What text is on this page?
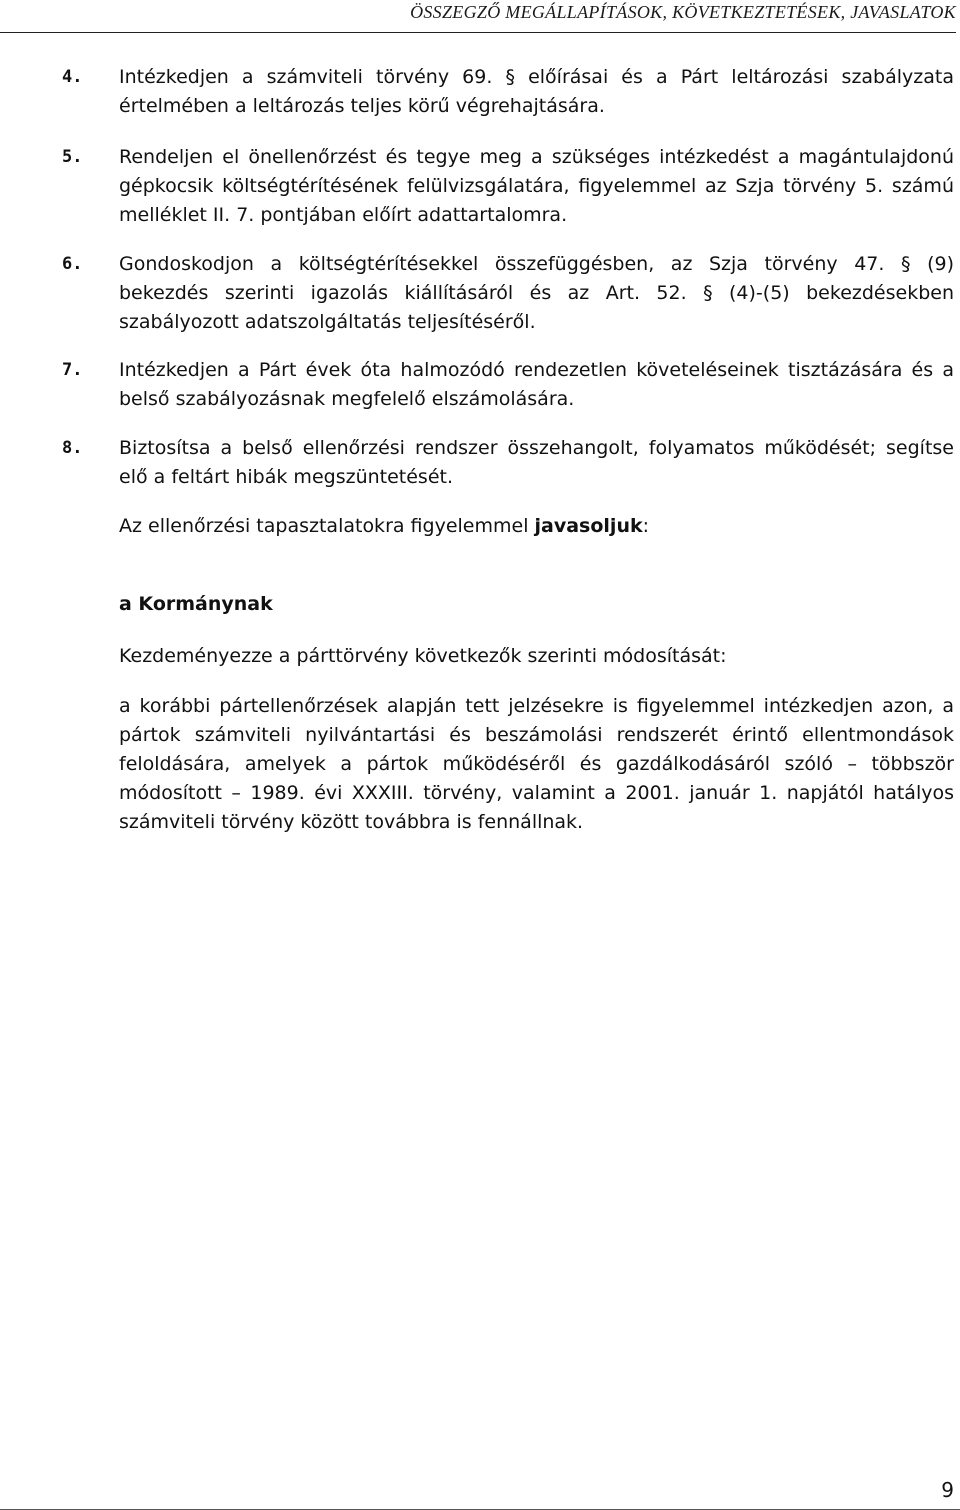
ÖSSZEGZŐ MEGÁLLAPÍTÁSOK, KÖVETKEZTETÉSEK, JAVASLATOK
4.	Intézkedjen a számviteli törvény 69. § előírásai és a Párt leltározási szabályzata értelmében a leltározás teljes körű végrehajtására.
5.	Rendeljen el önellenőrzést és tegye meg a szükséges intézkedést a magántulajdonú gépkocsik költségtérítésének felülvizsgálatára, figyelemmel az Szja törvény 5. számú melléklet II. 7. pontjában előírt adattartalomra.
6.	Gondoskodjon a költségtérítésekkel összefüggésben, az Szja törvény 47. § (9) bekezdés szerinti igazolás kiállításáról és az Art. 52. § (4)-(5) bekezdésekben szabályozott adatszolgáltatás teljesítéséről.
7.	Intézkedjen a Párt évek óta halmozódó rendezetlen követeléseinek tisztázására és a belső szabályozásnak megfelelő elszámolására.
8.	Biztosítsa a belső ellenőrzési rendszer összehangolt, folyamatos működését; segítse elő a feltárt hibák megszüntetését.
Az ellenőrzési tapasztalatokra figyelemmel javasoljuk:
a Kormánynak
Kezdeményezze a párttörvény következők szerinti módosítását:
a korábbi pártellenőrzések alapján tett jelzésekre is figyelemmel intézkedjen azon, a pártok számviteli nyilvántartási és beszámolási rendszerét érintő ellentmondások feloldására, amelyek a pártok működéséről és gazdálkodásáról szóló – többször módosított – 1989. évi XXXIII. törvény, valamint a 2001. január 1. napjától hatályos számviteli törvény között továbbra is fennállnak.
9
